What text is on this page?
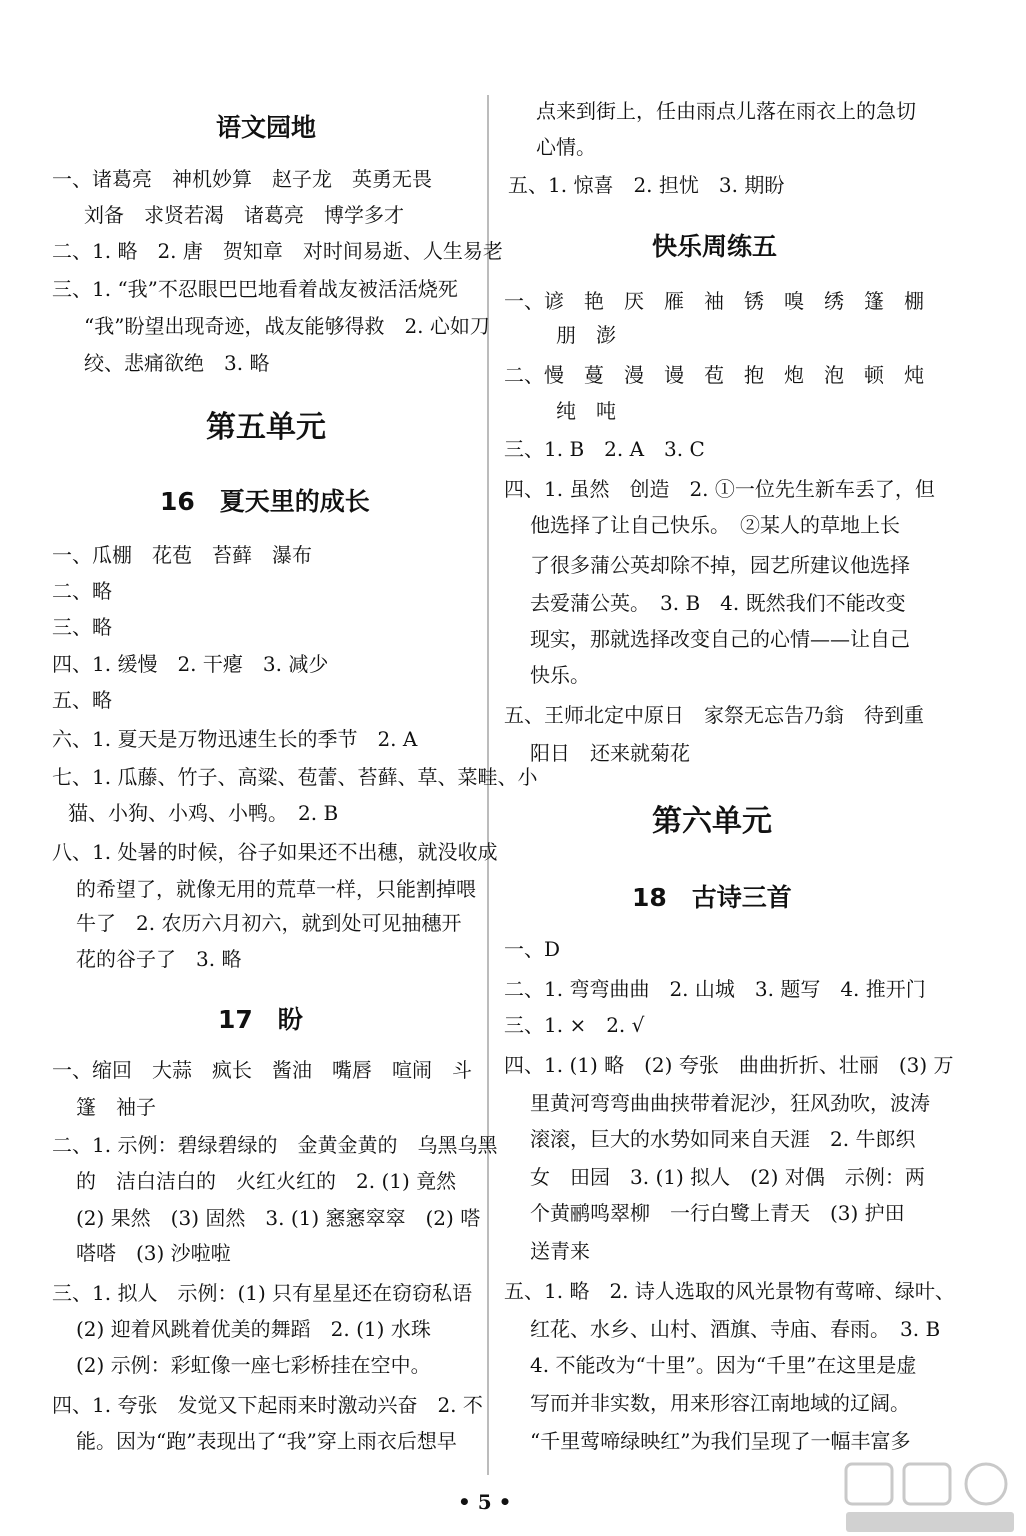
语文园地
一、诸葛亮　神机妙算　赵子龙　英勇无畏
刘备　求贤若渴　诸葛亮　博学多才
二、1. 略　2. 唐　贺知章　对时间易逝、人生易老
三、1. “我”不忍眼巴巴地看着战友被活活烧死
“我”盼望出现奇迹，战友能够得救　2. 心如刀
绞、悲痛欲绝　3. 略
第五单元
16　夏天里的成长
一、瓜棚　花苞　苔藓　瀑布
二、略
三、略
四、1. 缓慢　2. 干瘪　3. 减少
五、略
六、1. 夏天是万物迅速生长的季节　2. A
七、1. 瓜藤、竹子、高粱、苞蕾、苔藓、草、菜畦、小
猫、小狗、小鸡、小鸭。　2. B
八、1. 处暑的时候，谷子如果还不出穗，就没收成
的希望了，就像无用的荒草一样，只能割掉喂
牛了　2. 农历六月初六，就到处可见抽穗开
花的谷子了　3. 略
17　盼
一、缩回　大蒜　疯长　酱油　嘴唇　喧闹　斗
篷　袖子
二、1. 示例：碧绿碧绿的　金黄金黄的　乌黑乌黑
的　洁白洁白的　火红火红的　2. (1) 竟然
(2) 果然　(3) 固然　3. (1) 窸窸窣窣　(2) 嗒
嗒嗒　(3) 沙啦啦
三、1. 拟人　示例：(1) 只有星星还在窃窃私语
(2) 迎着风跳着优美的舞蹈　2. (1) 水珠
(2) 示例：彩虹像一座七彩桥挂在空中。
四、1. 夸张　发觉又下起雨来时激动兴奋　2. 不
能。因为“跑”表现出了“我”穿上雨衣后想早
点来到街上，任由雨点儿落在雨衣上的急切
心情。
五、1. 惊喜　2. 担忧　3. 期盼
快乐周练五
一、谚　艳　厌　雁　袖　锈　嗅　绣　篷　棚
朋　澎
二、慢　蔓　漫　谩　苞　抱　炮　泡　顿　炖
纯　吨
三、1. B　2. A　3. C
四、1. 虽然　创造　2. ①一位先生新车丢了，但
他选择了让自己快乐。　②某人的草地上长
了很多蒲公英却除不掉，园艺所建议他选择
去爱蒲公英。　3. B　4. 既然我们不能改变
现实，那就选择改变自己的心情——让自己
快乐。
五、王师北定中原日　家祭无忘告乃翁　待到重
阳日　还来就菊花
第六单元
18　古诗三首
一、D
二、1. 弯弯曲曲　2. 山城　3. 题写　4. 推开门
三、1. ×　2. √
四、1. (1) 略　(2) 夸张　曲曲折折、壮丽　(3) 万
里黄河弯弯曲曲挟带着泥沙，狂风劲吹，波涛
滚滚，巨大的水势如同来自天涯　2. 牛郎织
女　田园　3. (1) 拟人　(2) 对偶　示例：两
个黄鹂鸣翠柳　一行白鹭上青天　(3) 护田
送青来
五、1. 略　2. 诗人选取的风光景物有莺啼、绿叶、
红花、水乡、山村、酒旗、寺庙、春雨。　3. B
4. 不能改为“十里”。因为“千里”在这里是虚
写而并非实数，用来形容江南地域的辽阔。
“千里莺啼绿映红”为我们呈现了一幅丰富多
• 5 •
